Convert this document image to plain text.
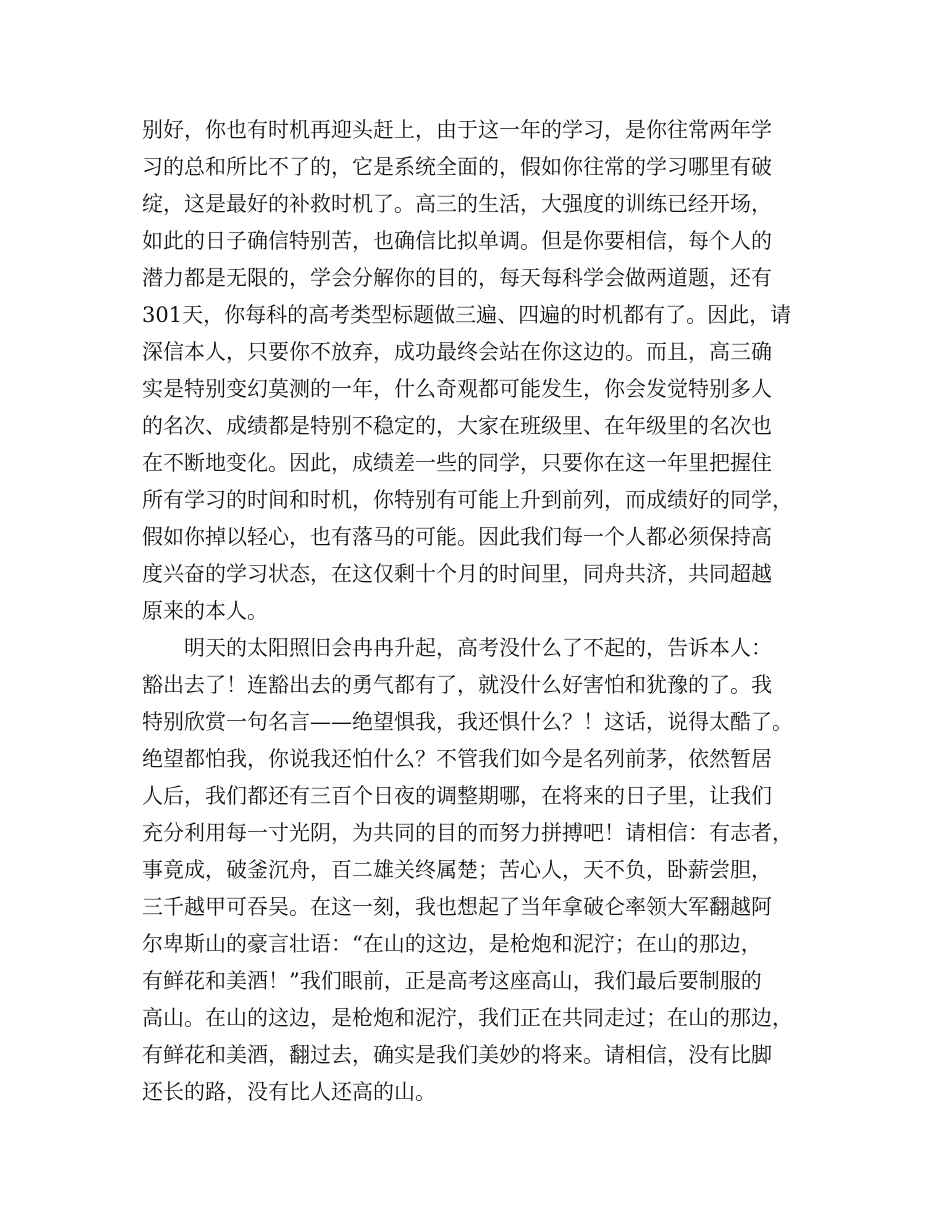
别好，你也有时机再迎头赶上，由于这一年的学习，是你往常两年学
习的总和所比不了的，它是系统全面的，假如你往常的学习哪里有破
绽，这是最好的补救时机了。高三的生活，大强度的训练已经开场，
如此的日子确信特别苦，也确信比拟单调。但是你要相信，每个人的
潜力都是无限的，学会分解你的目的，每天每科学会做两道题，还有
301天，你每科的高考类型标题做三遍、四遍的时机都有了。因此，请
深信本人，只要你不放弃，成功最终会站在你这边的。而且，高三确
实是特别变幻莫测的一年，什么奇观都可能发生，你会发觉特别多人
的名次、成绩都是特别不稳定的，大家在班级里、在年级里的名次也
在不断地变化。因此，成绩差一些的同学，只要你在这一年里把握住
所有学习的时间和时机，你特别有可能上升到前列，而成绩好的同学，
假如你掉以轻心，也有落马的可能。因此我们每一个人都必须保持高
度兴奋的学习状态，在这仅剩十个月的时间里，同舟共济，共同超越
原来的本人。
明天的太阳照旧会冉冉升起，高考没什么了不起的，告诉本人：
豁出去了！连豁出去的勇气都有了，就没什么好害怕和犹豫的了。我
特别欣赏一句名言——绝望惧我，我还惧什么？！这话，说得太酷了。
绝望都怕我，你说我还怕什么？不管我们如今是名列前茅，依然暂居
人后，我们都还有三百个日夜的调整期哪，在将来的日子里，让我们
充分利用每一寸光阴，为共同的目的而努力拼搏吧！请相信：有志者，
事竟成，破釜沉舟，百二雄关终属楚；苦心人，天不负，卧薪尝胆，
三千越甲可吞吴。在这一刻，我也想起了当年拿破仑率领大军翻越阿
尔卑斯山的豪言壮语：“在山的这边，是枪炮和泥泞；在山的那边，
有鲜花和美酒！”我们眼前，正是高考这座高山，我们最后要制服的
高山。在山的这边，是枪炮和泥泞，我们正在共同走过；在山的那边，
有鲜花和美酒，翻过去，确实是我们美妙的将来。请相信，没有比脚
还长的路，没有比人还高的山。
